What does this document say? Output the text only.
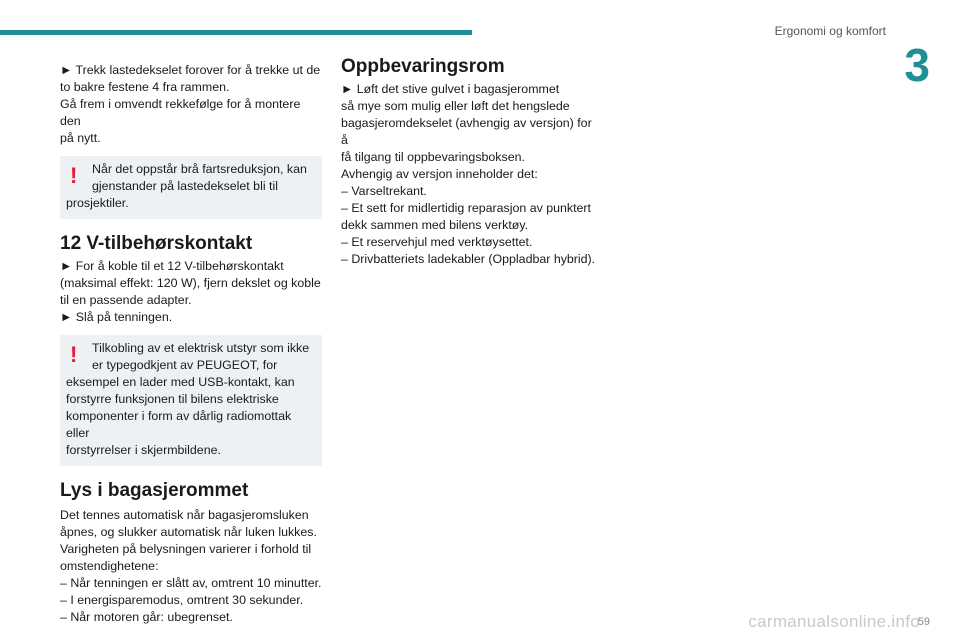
Ergonomi og komfort
3

► Trekk lastedekselet forover for å trekke ut de

to bakre festene 4 fra rammen.

Gå frem i omvendt rekkefølge for å montere den

på nytt.

!	Når det oppstår brå fartsreduksjon, kan

gjenstander på lastedekselet bli til

prosjektiler.

12 V-tilbehørskontakt

► For å koble til et 12 V-tilbehørskontakt

(maksimal effekt: 120 W), fjern dekslet og koble

til en passende adapter.

► Slå på tenningen.

!	Tilkobling av et elektrisk utstyr som ikke

er typegodkjent av PEUGEOT, for

eksempel en lader med USB-kontakt, kan

forstyrre funksjonen til bilens elektriske

komponenter i form av dårlig radiomottak eller

forstyrrelser i skjermbildene.

Lys i bagasjerommet

Det tennes automatisk når bagasjeromsluken

åpnes, og slukker automatisk når luken lukkes.

Varigheten på belysningen varierer i forhold til

omstendighetene:

– Når tenningen er slått av, omtrent 10 minutter.

– I energisparemodus, omtrent 30 sekunder.

– Når motoren går: ubegrenset.

Oppbevaringsrom

► Løft det stive gulvet i bagasjerommet

så mye som mulig eller løft det hengslede

bagasjeromdekselet (avhengig av versjon) for å

få tilgang til oppbevaringsboksen.

Avhengig av versjon inneholder det:

– Varseltrekant.

– Et sett for midlertidig reparasjon av punktert

dekk sammen med bilens verktøy.

– Et reservehjul med verktøysettet.

– Drivbatteriets ladekabler (Oppladbar hybrid).

59
carmanualsonline.info
